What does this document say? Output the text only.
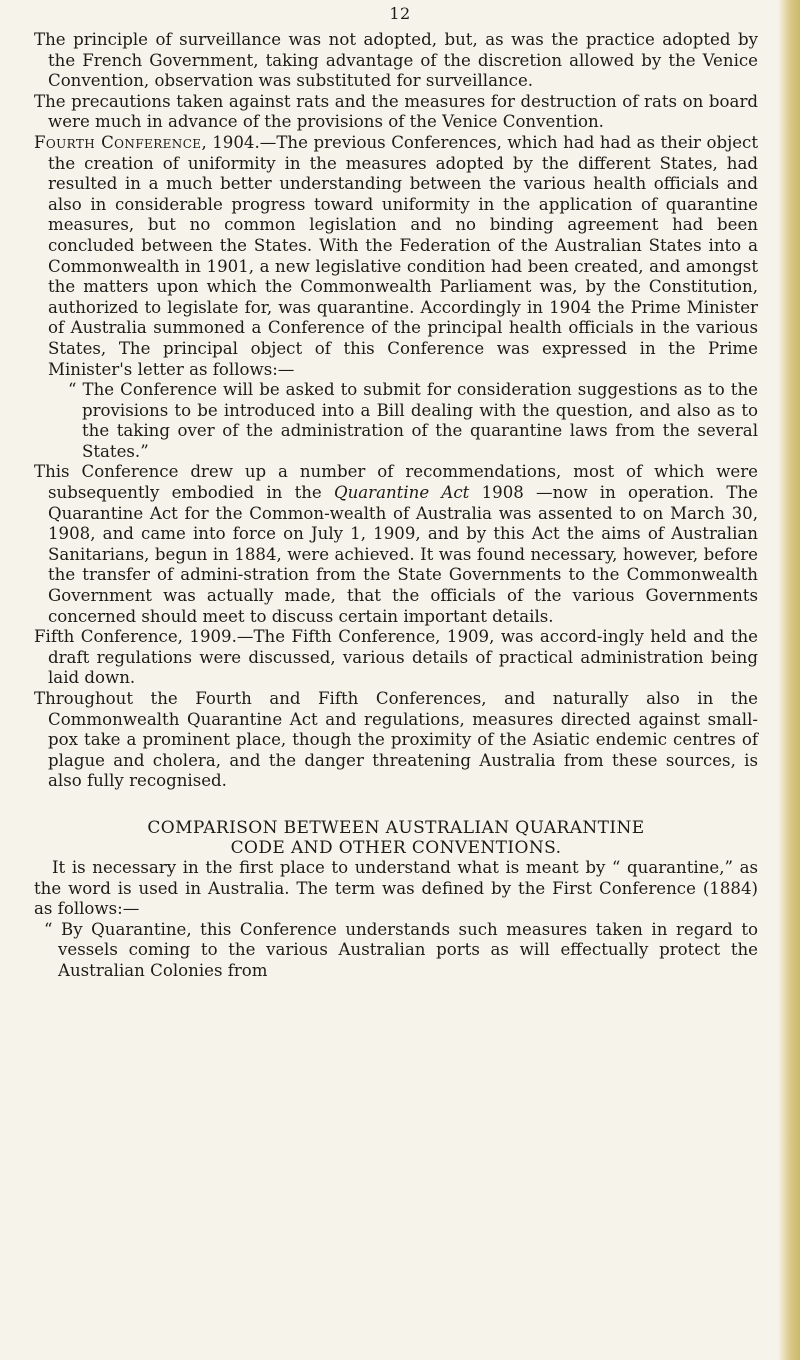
12

The principle of surveillance was not adopted, but, as was the practice adopted by the French Government, taking advantage of the discretion allowed by the Venice Convention, observation was substituted for surveillance.

The precautions taken against rats and the measures for destruction of rats on board were much in advance of the provisions of the Venice Convention.

Fourth Conference, 1904.—The previous Conferences, which had had as their object the creation of uniformity in the measures adopted by the different States, had resulted in a much better understanding between the various health officials and also in considerable progress toward uniformity in the application of quarantine measures, but no common legislation and no binding agreement had been concluded between the States. With the Federation of the Australian States into a Commonwealth in 1901, a new legislative condition had been created, and amongst the matters upon which the Commonwealth Parliament was, by the Constitution, authorized to legislate for, was quarantine. Accordingly in 1904 the Prime Minister of Australia summoned a Conference of the principal health officials in the various States, The principal object of this Conference was expressed in the Prime Minister's letter as follows:—

“ The Conference will be asked to submit for consideration suggestions as to the provisions to be introduced into a Bill dealing with the question, and also as to the taking over of the administration of the quarantine laws from the several States.”

This Conference drew up a number of recommendations, most of which were subsequently embodied in the Quarantine Act 1908 —now in operation. The Quarantine Act for the Common-wealth of Australia was assented to on March 30, 1908, and came into force on July 1, 1909, and by this Act the aims of Australian Sanitarians, begun in 1884, were achieved. It was found necessary, however, before the transfer of admini-stration from the State Governments to the Commonwealth Government was actually made, that the officials of the various Governments concerned should meet to discuss certain important details.

Fifth Conference, 1909.—The Fifth Conference, 1909, was accord-ingly held and the draft regulations were discussed, various details of practical administration being laid down.

Throughout the Fourth and Fifth Conferences, and naturally also in the Commonwealth Quarantine Act and regulations, measures directed against small-pox take a prominent place, though the proximity of the Asiatic endemic centres of plague and cholera, and the danger threatening Australia from these sources, is also fully recognised.

COMPARISON BETWEEN AUSTRALIAN QUARANTINE
CODE AND OTHER CONVENTIONS.

It is necessary in the first place to understand what is meant by “ quarantine,” as the word is used in Australia. The term was defined by the First Conference (1884) as follows:—

“ By Quarantine, this Conference understands such measures taken in regard to vessels coming to the various Australian ports as will effectually protect the Australian Colonies from
